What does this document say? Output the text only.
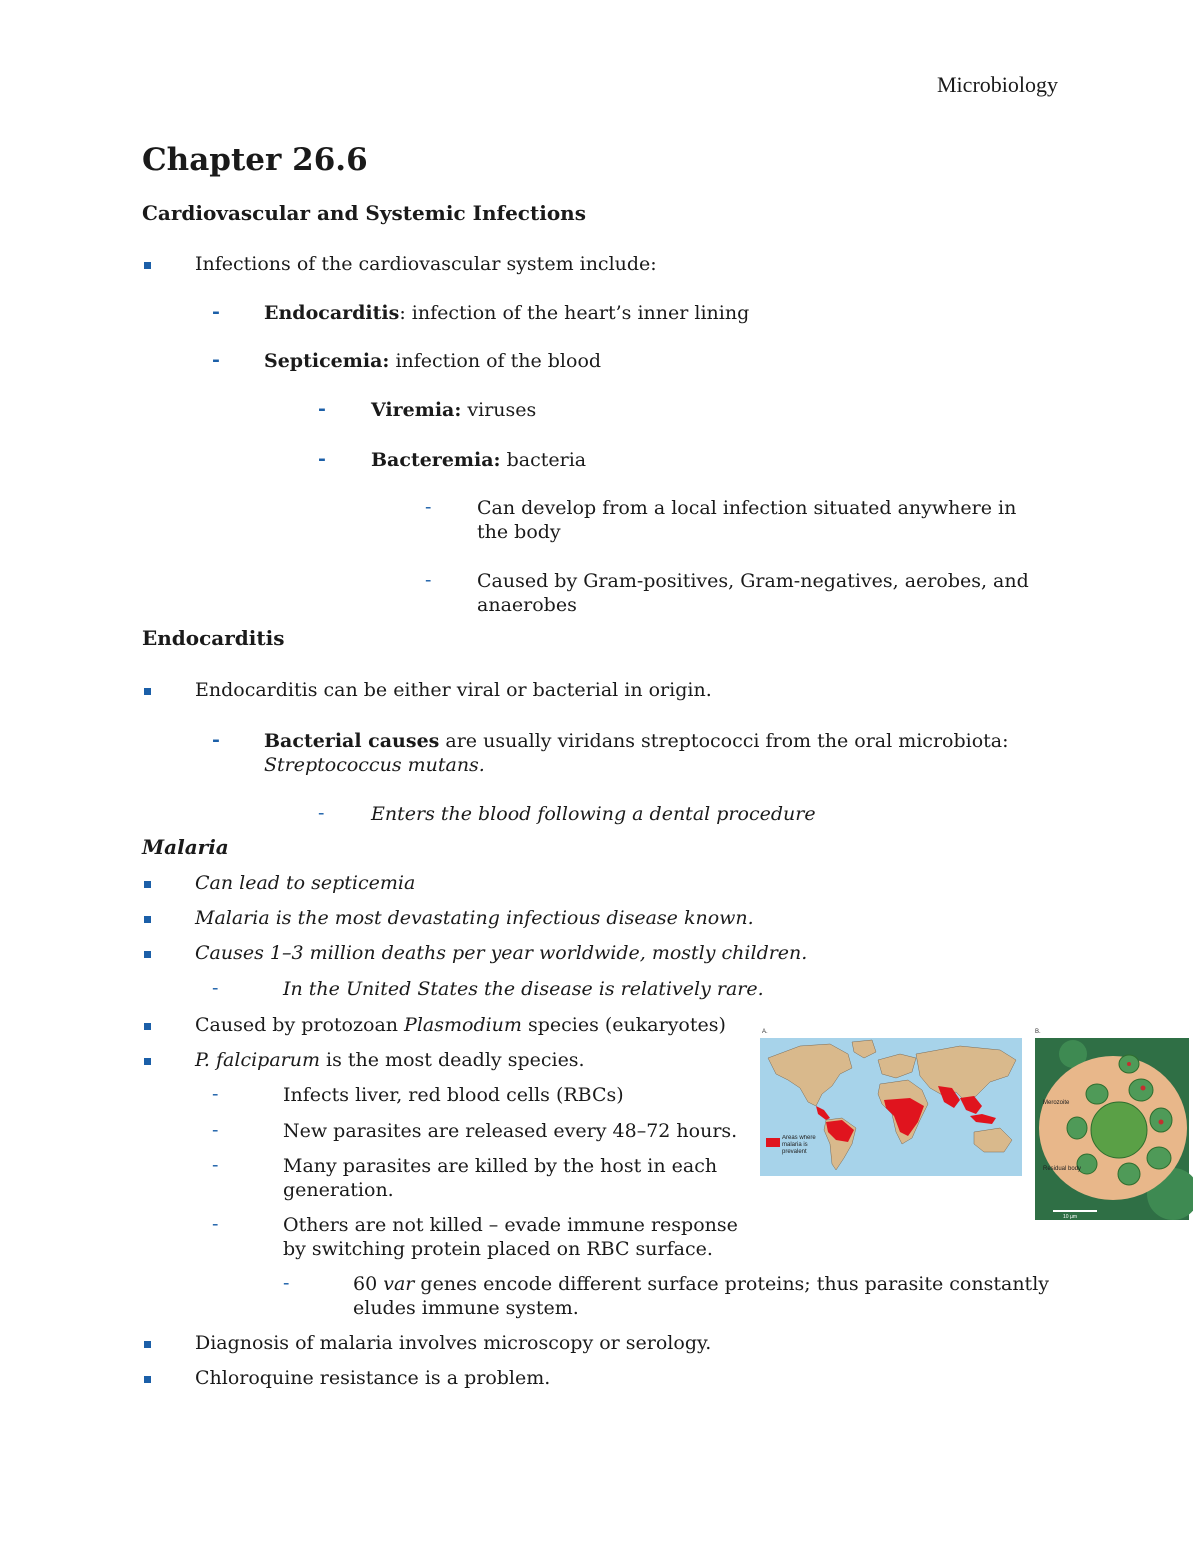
Microbiology
Chapter 26.6
Cardiovascular and Systemic Infections
Infections of the cardiovascular system include:
- Endocarditis: infection of the heart’s inner lining
- Septicemia: infection of the blood
- Viremia: viruses
- Bacteremia: bacteria
- Can develop from a local infection situated anywhere in the body
- Caused by Gram-positives, Gram-negatives, aerobes, and anaerobes
Endocarditis
Endocarditis can be either viral or bacterial in origin.
- Bacterial causes are usually viridans streptococci from the oral microbiota:
Streptococcus mutans.
- Enters the blood following a dental procedure
Malaria
Can lead to septicemia
Malaria is the most devastating infectious disease known.
Causes 1–3 million deaths per year worldwide, mostly children.
-	In the United States the disease is relatively rare.
Caused by protozoan Plasmodium species (eukaryotes)
P. falciparum is the most deadly species.
-	Infects liver, red blood cells (RBCs)
-	New parasites are released every 48–72 hours.
-	Many parasites are killed by the host in each generation.
-	Others are not killed – evade immune response by switching protein placed on RBC surface.
-	60 var genes encode different surface proteins; thus parasite constantly eludes immune system.
Diagnosis of malaria involves microscopy or serology.
Chloroquine resistance is a problem.
A.
Areas where malaria is prevalent
B.
Merozoite
Residual body
10 µm
